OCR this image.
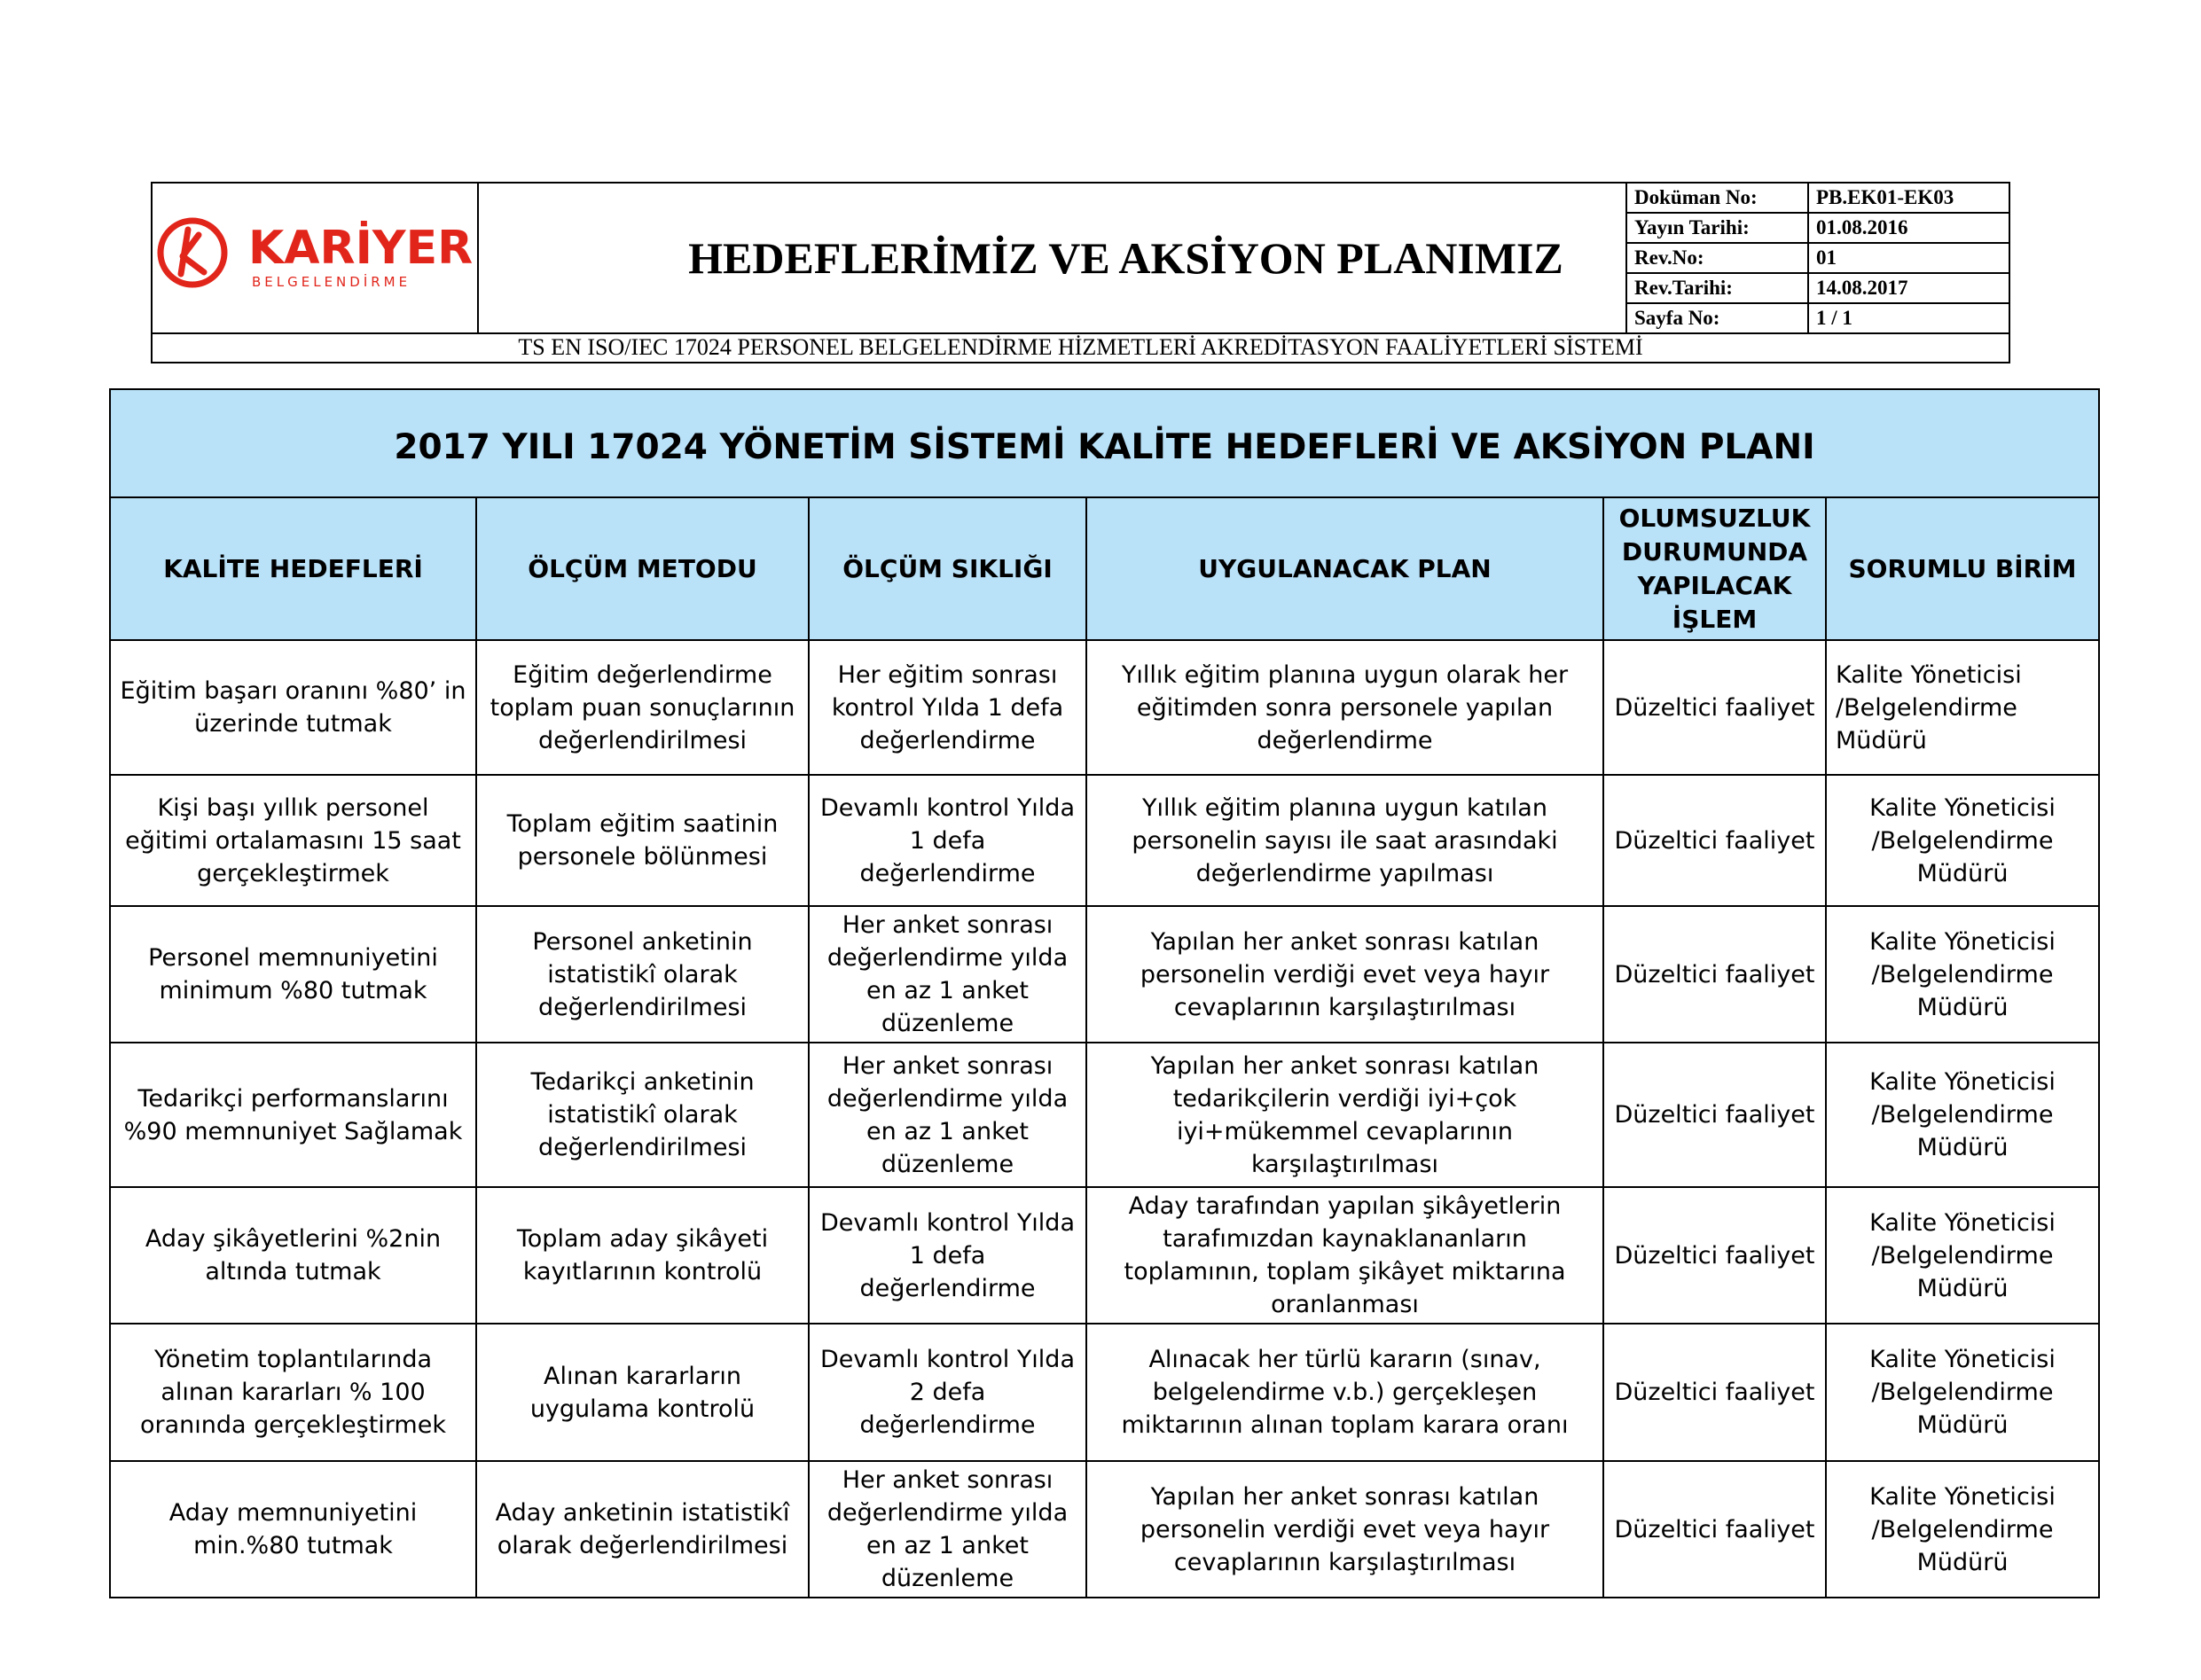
KARİYER
BELGELENDİRME	HEDEFLERİMİZ VE AKSİYON PLANIMIZ
Doküman No:	PB.EK01-EK03
Yayın Tarihi:	01.08.2016
Rev.No:	01
Rev.Tarihi:	14.08.2017
Sayfa No:	1 / 1
TS EN ISO/IEC 17024 PERSONEL BELGELENDİRME HİZMETLERİ AKREDİTASYON FAALİYETLERİ SİSTEMİ
2017 YILI 17024 YÖNETİM SİSTEMİ KALİTE HEDEFLERİ VE AKSİYON PLANI					
KALİTE HEDEFLERİ	ÖLÇÜM METODU	ÖLÇÜM SIKLIĞI	UYGULANACAK PLAN	OLUMSUZLUK DURUMUNDA YAPILACAK İŞLEM	SORUMLU BİRİM
Eğitim başarı oranını %80’ in üzerinde tutmak	Eğitim değerlendirme toplam puan sonuçlarının değerlendirilmesi	Her eğitim sonrası kontrol Yılda 1 defa değerlendirme	Yıllık eğitim planına uygun olarak her eğitimden sonra personele yapılan değerlendirme	Düzeltici faaliyet	Kalite Yöneticisi /Belgelendirme Müdürü
Kişi başı yıllık personel eğitimi ortalamasını 15 saat gerçekleştirmek	Toplam eğitim saatinin personele bölünmesi	Devamlı kontrol Yılda 1 defa değerlendirme	Yıllık eğitim planına uygun katılan personelin sayısı ile saat arasındaki değerlendirme yapılması	Düzeltici faaliyet	Kalite Yöneticisi /Belgelendirme Müdürü
Personel memnuniyetini minimum %80 tutmak	Personel anketinin istatistikî olarak değerlendirilmesi	Her anket sonrası değerlendirme yılda en az 1 anket düzenleme	Yapılan her anket sonrası katılan personelin verdiği evet veya hayır cevaplarının karşılaştırılması	Düzeltici faaliyet	Kalite Yöneticisi /Belgelendirme Müdürü
Tedarikçi performanslarını %90 memnuniyet Sağlamak	Tedarikçi anketinin istatistikî olarak değerlendirilmesi	Her anket sonrası değerlendirme yılda en az 1 anket düzenleme	Yapılan her anket sonrası katılan tedarikçilerin verdiği iyi+çok iyi+mükemmel cevaplarının karşılaştırılması	Düzeltici faaliyet	Kalite Yöneticisi /Belgelendirme Müdürü
Aday şikâyetlerini %2nin altında tutmak	Toplam aday şikâyeti kayıtlarının kontrolü	Devamlı kontrol Yılda 1 defa değerlendirme	Aday tarafından yapılan şikâyetlerin tarafımızdan kaynaklananların toplamının, toplam şikâyet miktarına oranlanması	Düzeltici faaliyet	Kalite Yöneticisi /Belgelendirme Müdürü
Yönetim toplantılarında alınan kararları % 100 oranında gerçekleştirmek	Alınan kararların uygulama kontrolü	Devamlı kontrol Yılda 2 defa değerlendirme	Alınacak her türlü kararın (sınav, belgelendirme v.b.) gerçekleşen miktarının alınan toplam karara oranı	Düzeltici faaliyet	Kalite Yöneticisi /Belgelendirme Müdürü
Aday memnuniyetini min.%80 tutmak	Aday anketinin istatistikî olarak değerlendirilmesi	Her anket sonrası değerlendirme yılda en az 1 anket düzenleme	Yapılan her anket sonrası katılan personelin verdiği evet veya hayır cevaplarının karşılaştırılması	Düzeltici faaliyet	Kalite Yöneticisi /Belgelendirme Müdürü
